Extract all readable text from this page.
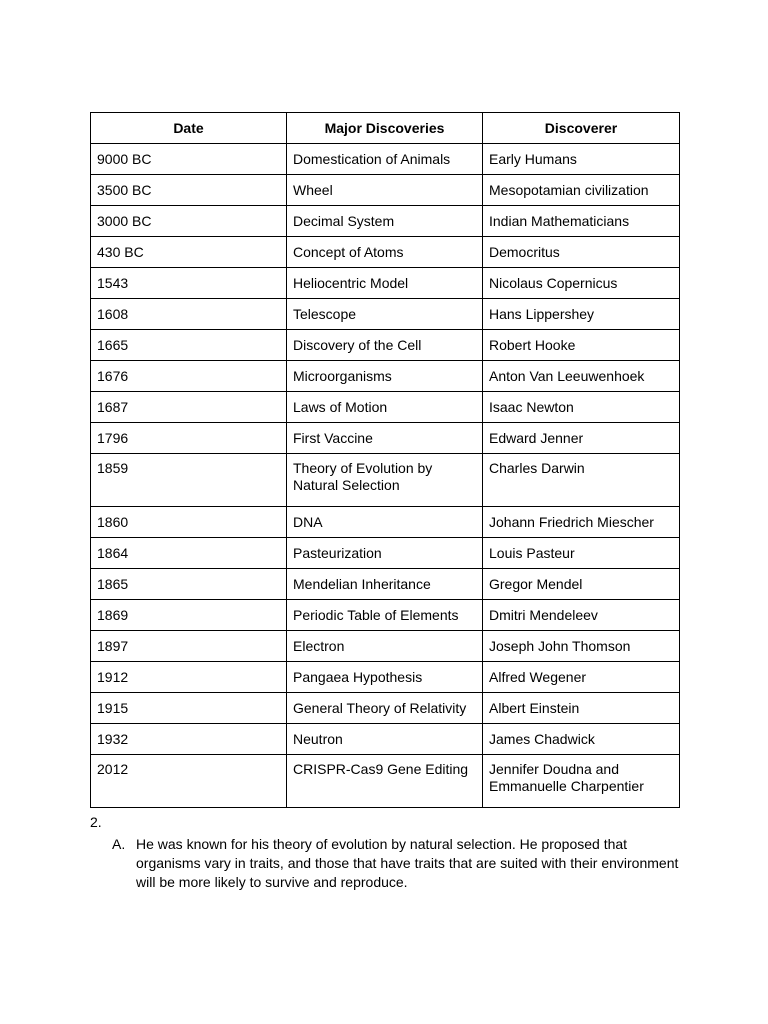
Date	Major Discoveries	Discoverer
9000 BC	Domestication of Animals	Early Humans
3500 BC	Wheel	Mesopotamian civilization
3000 BC	Decimal System	Indian Mathematicians
430 BC	Concept of Atoms	Democritus
1543	Heliocentric Model	Nicolaus Copernicus
1608	Telescope	Hans Lippershey
1665	Discovery of the Cell	Robert Hooke
1676	Microorganisms	Anton Van Leeuwenhoek
1687	Laws of Motion	Isaac Newton
1796	First Vaccine	Edward Jenner
1859	Theory of Evolution by Natural Selection	Charles Darwin
1860	DNA	Johann Friedrich Miescher
1864	Pasteurization	Louis Pasteur
1865	Mendelian Inheritance	Gregor Mendel
1869	Periodic Table of Elements	Dmitri Mendeleev
1897	Electron	Joseph John Thomson
1912	Pangaea Hypothesis	Alfred Wegener
1915	General Theory of Relativity	Albert Einstein
1932	Neutron	James Chadwick
2012	CRISPR-Cas9 Gene Editing	Jennifer Doudna and Emmanuelle Charpentier
2.
A. He was known for his theory of evolution by natural selection. He proposed that organisms vary in traits, and those that have traits that are suited with their environment will be more likely to survive and reproduce.
